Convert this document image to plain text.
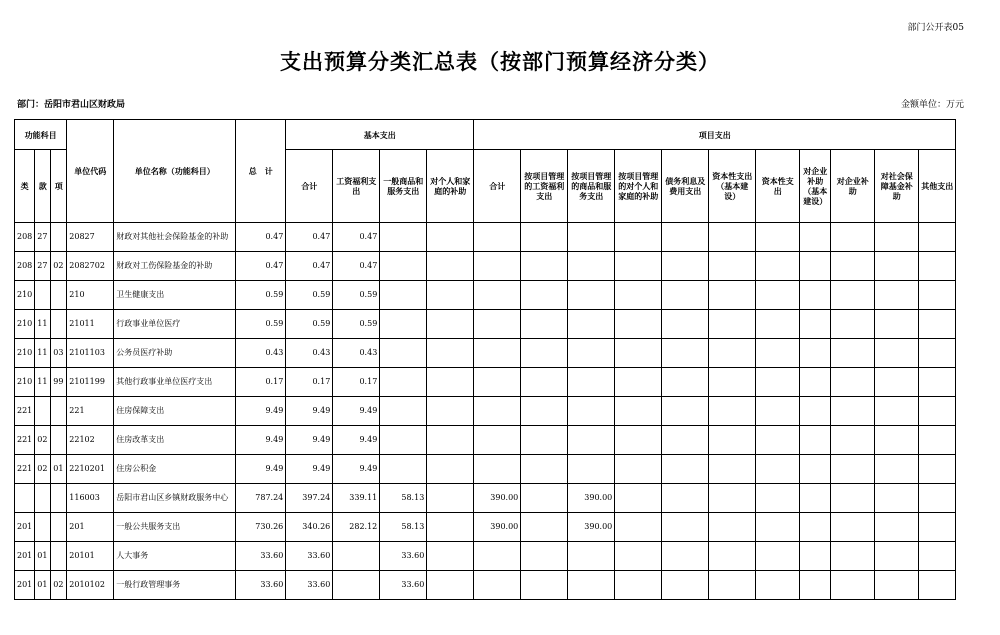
部门公开表05
支出预算分类汇总表（按部门预算经济分类）
部门：岳阳市君山区财政局	金额单位：万元
功能科目			单位代码	单位名称（功能科目）	总　计	基本支出				项目支出										
类	款	项				合计	工资福利支出	一般商品和服务支出	对个人和家庭的补助	合计	按项目管理的工资福利支出	按项目管理的商品和服务支出	按项目管理的对个人和家庭的补助	债务利息及费用支出	资本性支出（基本建设）	资本性支出	对企业补助（基本建设）	对企业补助	对社会保障基金补助	其他支出
208	27		20827	财政对其他社会保险基金的补助	0.47	0.47	0.47													
208	27	02	2082702	财政对工伤保险基金的补助	0.47	0.47	0.47													
210			210	卫生健康支出	0.59	0.59	0.59													
210	11		21011	行政事业单位医疗	0.59	0.59	0.59													
210	11	03	2101103	公务员医疗补助	0.43	0.43	0.43													
210	11	99	2101199	其他行政事业单位医疗支出	0.17	0.17	0.17													
221			221	住房保障支出	9.49	9.49	9.49													
221	02		22102	住房改革支出	9.49	9.49	9.49													
221	02	01	2210201	住房公积金	9.49	9.49	9.49													
			116003	岳阳市君山区乡镇财政服务中心	787.24	397.24	339.11	58.13		390.00		390.00								
201			201	一般公共服务支出	730.26	340.26	282.12	58.13		390.00		390.00								
201	01		20101	人大事务	33.60	33.60		33.60												
201	01	02	2010102	一般行政管理事务	33.60	33.60		33.60												
